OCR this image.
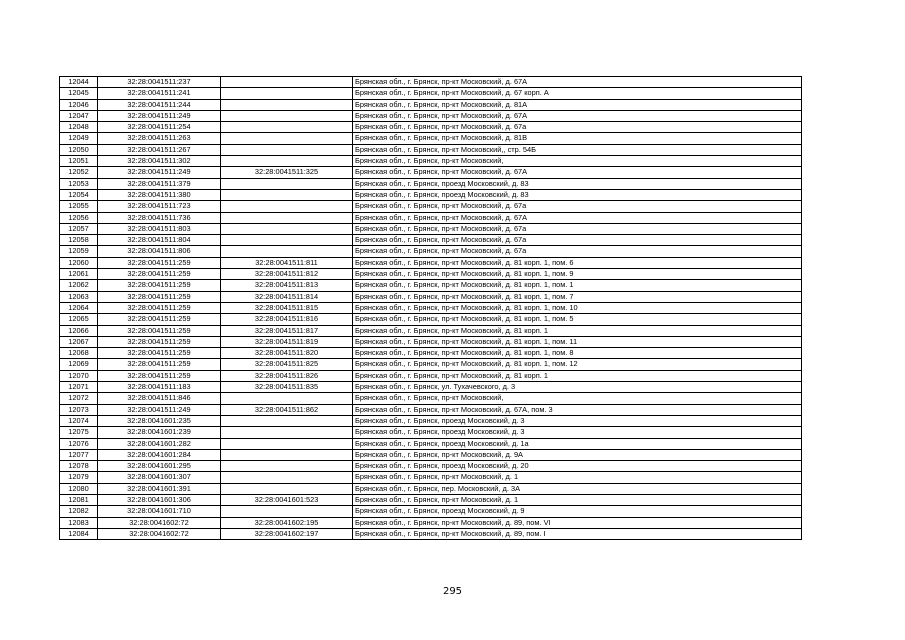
12044	32:28:0041511:237		Брянская обл., г. Брянск, пр-кт Московский, д. 67А
12045	32:28:0041511:241		Брянская обл., г. Брянск, пр-кт Московский, д. 67 корп. А
12046	32:28:0041511:244		Брянская обл., г. Брянск, пр-кт Московский, д. 81А
12047	32:28:0041511:249		Брянская обл., г. Брянск, пр-кт Московский, д. 67А
12048	32:28:0041511:254		Брянская обл., г. Брянск, пр-кт Московский, д. 67а
12049	32:28:0041511:263		Брянская обл., г. Брянск, пр-кт Московский, д. 81В
12050	32:28:0041511:267		Брянская обл., г. Брянск, пр-кт Московский,, стр. 54Б
12051	32:28:0041511:302		Брянская обл., г. Брянск, пр-кт Московский,
12052	32:28:0041511:249	32:28:0041511:325	Брянская обл., г. Брянск, пр-кт Московский, д. 67А
12053	32:28:0041511:379		Брянская обл., г. Брянск, проезд Московский, д. 83
12054	32:28:0041511:380		Брянская обл., г. Брянск, проезд Московский, д. 83
12055	32:28:0041511:723		Брянская обл., г. Брянск, пр-кт Московский, д. 67а
12056	32:28:0041511:736		Брянская обл., г. Брянск, пр-кт Московский, д. 67А
12057	32:28:0041511:803		Брянская обл., г. Брянск, пр-кт Московский, д. 67а
12058	32:28:0041511:804		Брянская обл., г. Брянск, пр-кт Московский, д. 67а
12059	32:28:0041511:806		Брянская обл., г. Брянск, пр-кт Московский, д. 67а
12060	32:28:0041511:259	32:28:0041511:811	Брянская обл., г. Брянск, пр-кт Московский, д. 81 корп. 1, пом. 6
12061	32:28:0041511:259	32:28:0041511:812	Брянская обл., г. Брянск, пр-кт Московский, д. 81 корп. 1, пом. 9
12062	32:28:0041511:259	32:28:0041511:813	Брянская обл., г. Брянск, пр-кт Московский, д. 81 корп. 1, пом. 1
12063	32:28:0041511:259	32:28:0041511:814	Брянская обл., г. Брянск, пр-кт Московский, д. 81 корп. 1, пом. 7
12064	32:28:0041511:259	32:28:0041511:815	Брянская обл., г. Брянск, пр-кт Московский, д. 81 корп. 1, пом. 10
12065	32:28:0041511:259	32:28:0041511:816	Брянская обл., г. Брянск, пр-кт Московский, д. 81 корп. 1, пом. 5
12066	32:28:0041511:259	32:28:0041511:817	Брянская обл., г. Брянск, пр-кт Московский, д. 81 корп. 1
12067	32:28:0041511:259	32:28:0041511:819	Брянская обл., г. Брянск, пр-кт Московский, д. 81 корп. 1, пом. 11
12068	32:28:0041511:259	32:28:0041511:820	Брянская обл., г. Брянск, пр-кт Московский, д. 81 корп. 1, пом. 8
12069	32:28:0041511:259	32:28:0041511:825	Брянская обл., г. Брянск, пр-кт Московский, д. 81 корп. 1, пом. 12
12070	32:28:0041511:259	32:28:0041511:826	Брянская обл., г. Брянск, пр-кт Московский, д. 81 корп. 1
12071	32:28:0041511:183	32:28:0041511:835	Брянская обл., г. Брянск, ул. Тухачевского, д. 3
12072	32:28:0041511:846		Брянская обл., г. Брянск, пр-кт Московский,
12073	32:28:0041511:249	32:28:0041511:862	Брянская обл., г. Брянск, пр-кт Московский, д. 67А, пом. 3
12074	32:28:0041601:235		Брянская обл., г. Брянск, проезд Московский, д. 3
12075	32:28:0041601:239		Брянская обл., г. Брянск, проезд Московский, д. 3
12076	32:28:0041601:282		Брянская обл., г. Брянск, проезд Московский, д. 1а
12077	32:28:0041601:284		Брянская обл., г. Брянск, пр-кт Московский, д. 9А
12078	32:28:0041601:295		Брянская обл., г. Брянск, проезд Московский, д. 20
12079	32:28:0041601:307		Брянская обл., г. Брянск, пр-кт Московский, д. 1
12080	32:28:0041601:391		Брянская обл., г. Брянск, пер. Московский, д. 3А
12081	32:28:0041601:306	32:28:0041601:523	Брянская обл., г. Брянск, пр-кт Московский, д. 1
12082	32:28:0041601:710		Брянская обл., г. Брянск, проезд Московский, д. 9
12083	32:28:0041602:72	32:28:0041602:195	Брянская обл., г. Брянск, пр-кт Московский, д. 89, пом. VI
12084	32:28:0041602:72	32:28:0041602:197	Брянская обл., г. Брянск, пр-кт Московский, д. 89, пом. I
295
